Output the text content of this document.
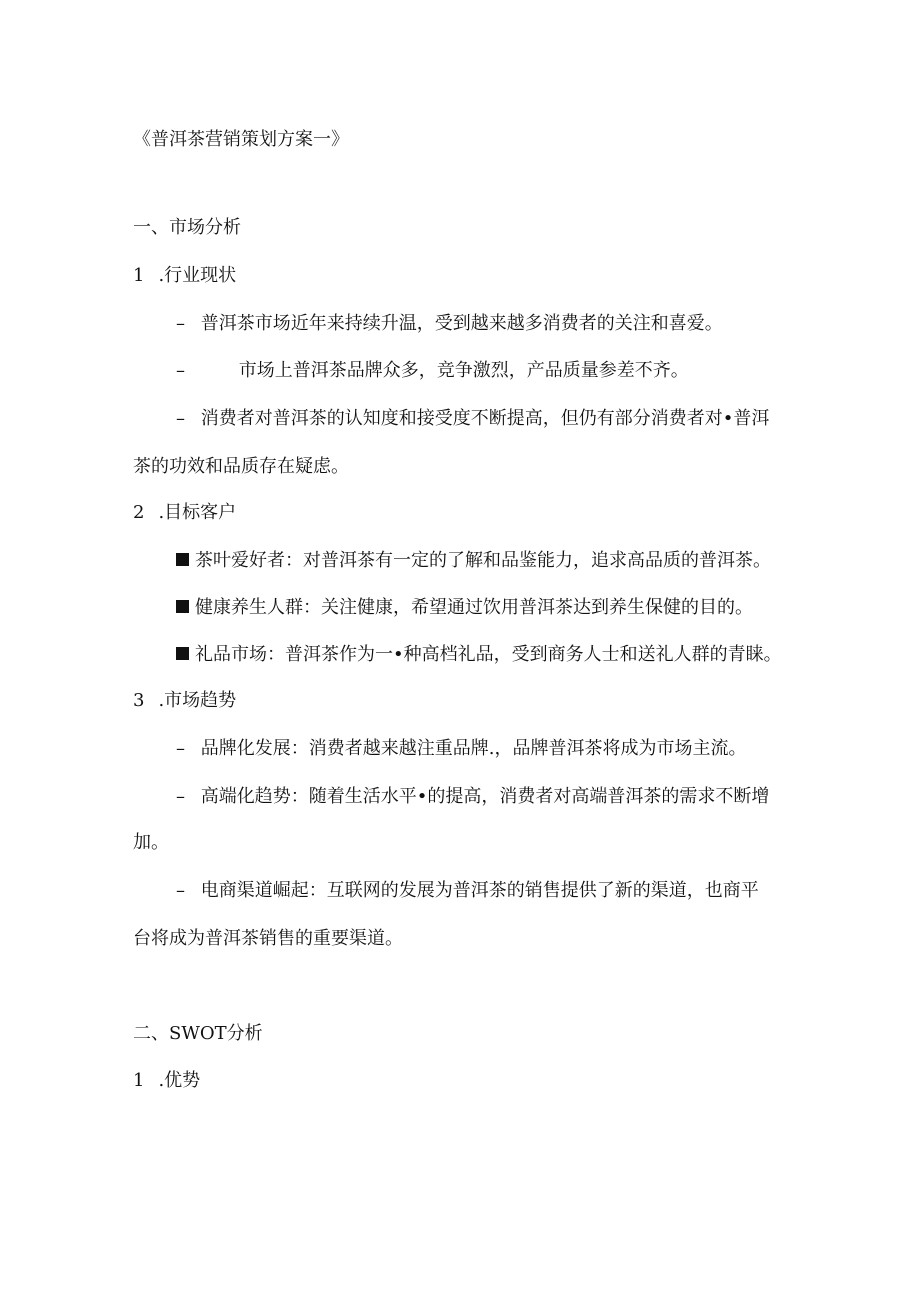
《普洱茶营销策划方案一》
一、市场分析
1 .行业现状
– 普洱茶市场近年来持续升温，受到越来越多消费者的关注和喜爱。
–	市场上普洱茶品牌众多，竞争激烈，产品质量参差不齐。
– 消费者对普洱茶的认知度和接受度不断提高，但仍有部分消费者对•普洱
茶的功效和品质存在疑虑。
2 .目标客户
茶叶爱好者：对普洱茶有一定的了解和品鉴能力，追求高品质的普洱茶。
健康养生人群：关注健康，希望通过饮用普洱茶达到养生保健的目的。
礼品市场：普洱茶作为一•种高档礼品，受到商务人士和送礼人群的青睐。
3 .市场趋势
– 品牌化发展：消费者越来越注重品牌.，品牌普洱茶将成为市场主流。
– 高端化趋势：随着生活水平•的提高，消费者对高端普洱茶的需求不断增
加。
– 电商渠道崛起：互联网的发展为普洱茶的销售提供了新的渠道，也商平
台将成为普洱茶销售的重要渠道。
二、SWOT分析
1 .优势
